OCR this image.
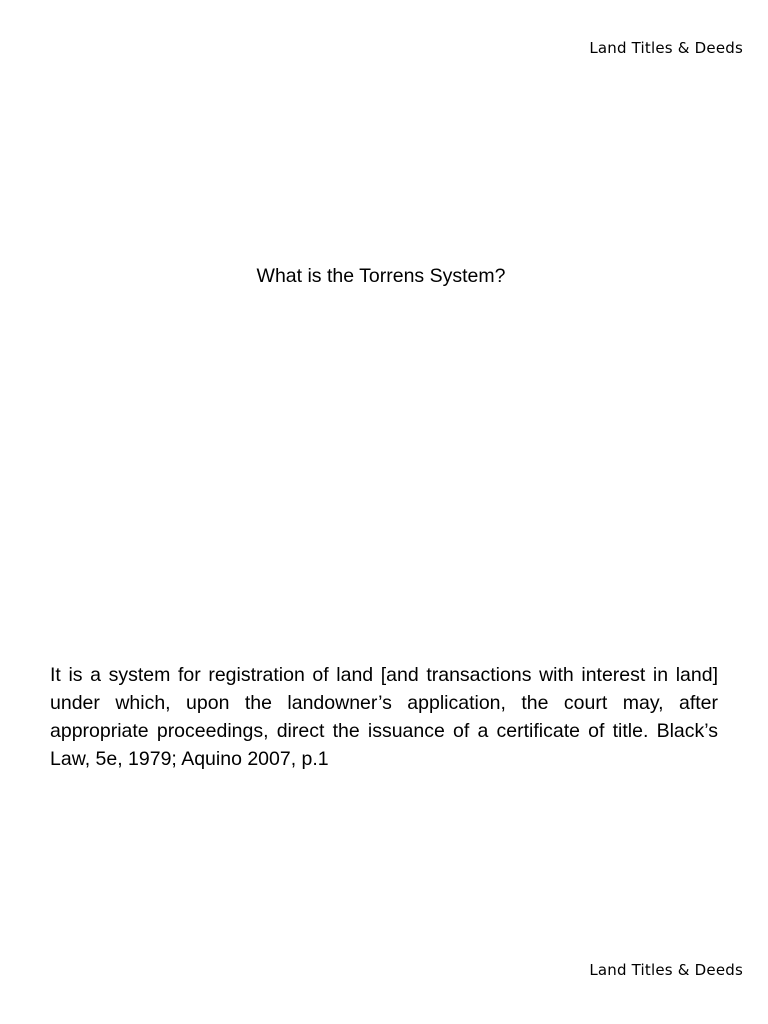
Land Titles & Deeds
What is the Torrens System?

It is a system for registration of land [and transactions with interest in land] under which, upon the landowner’s application, the court may, after appropriate proceedings, direct the issuance of a certificate of title. Black’s Law, 5e, 1979; Aquino 2007, p.1

Land Titles & Deeds
